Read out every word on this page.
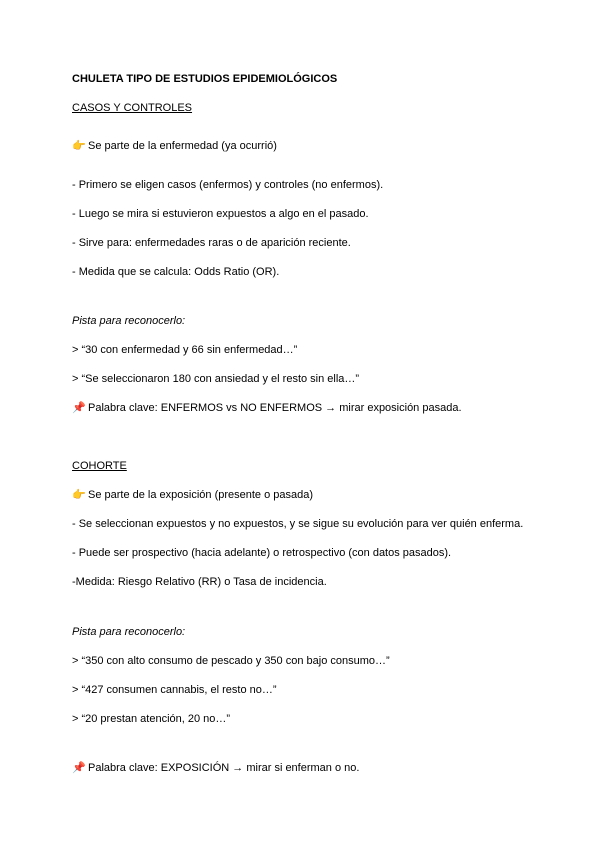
CHULETA TIPO DE ESTUDIOS EPIDEMIOLÓGICOS
CASOS Y CONTROLES
👉 Se parte de la enfermedad (ya ocurrió)
- Primero se eligen casos (enfermos) y controles (no enfermos).
- Luego se mira si estuvieron expuestos a algo en el pasado.
- Sirve para: enfermedades raras o de aparición reciente.
- Medida que se calcula: Odds Ratio (OR).
Pista para reconocerlo:
> “30 con enfermedad y 66 sin enfermedad…”
> “Se seleccionaron 180 con ansiedad y el resto sin ella…”
📌 Palabra clave: ENFERMOS vs NO ENFERMOS → mirar exposición pasada.
COHORTE
👉 Se parte de la exposición (presente o pasada)
- Se seleccionan expuestos y no expuestos, y se sigue su evolución para ver quién enferma.
- Puede ser prospectivo (hacia adelante) o retrospectivo (con datos pasados).
-Medida: Riesgo Relativo (RR) o Tasa de incidencia.
Pista para reconocerlo:
> “350 con alto consumo de pescado y 350 con bajo consumo…”
> “427 consumen cannabis, el resto no…”
> “20 prestan atención, 20 no…”
📌 Palabra clave: EXPOSICIÓN → mirar si enferman o no.
